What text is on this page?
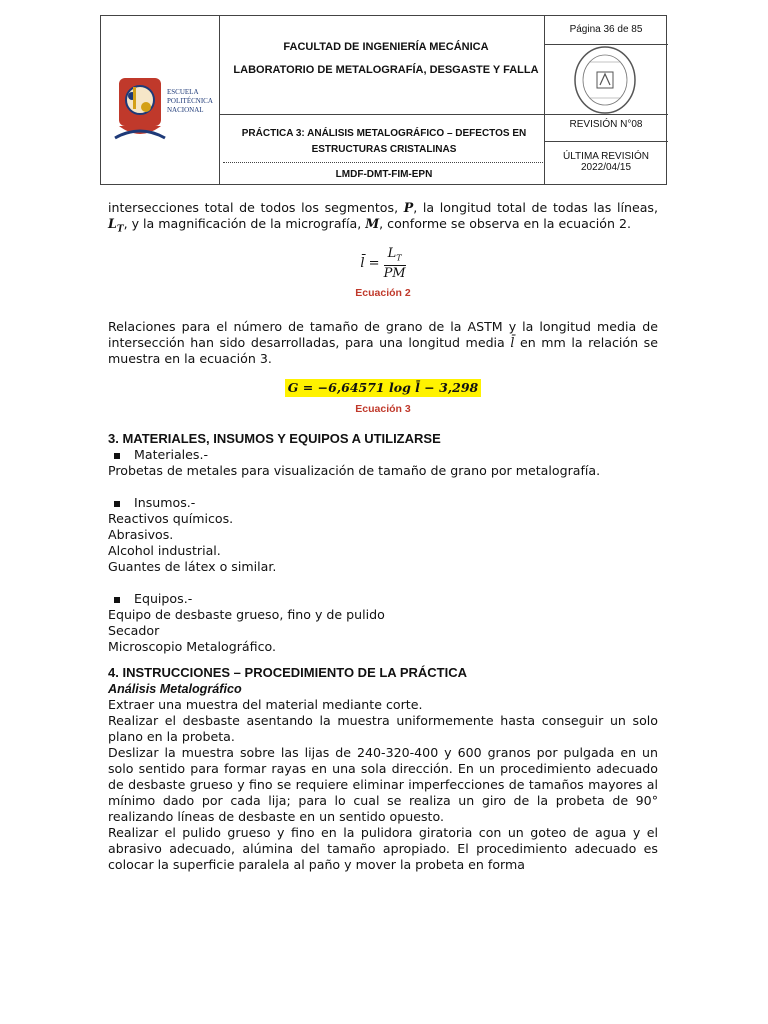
ESCUELA
POLITÉCNICA
NACIONAL
FACULTAD DE INGENIERÍA MECÁNICA
LABORATORIO DE METALOGRAFÍA, DESGASTE Y FALLA
PRÁCTICA 3: ANÁLISIS METALOGRÁFICO – DEFECTOS EN ESTRUCTURAS CRISTALINAS
LMDF-DMT-FIM-EPN
Página 36 de 85
REVISIÓN N°08
ÚLTIMA REVISIÓN
2022/04/15

intersecciones total de todos los segmentos, P, la longitud total de todas las líneas, $L_T$, y la magnificación de la micrografía, M, conforme se observa en la ecuación 2.

l̄ = $\frac{L_T}{PM}$
Ecuación 2

Relaciones para el número de tamaño de grano de la ASTM y la longitud media de intersección han sido desarrolladas, para una longitud media l̄ en mm la relación se muestra en la ecuación 3.

G = −6,64571 log l̄ − 3,298
Ecuación 3

3. MATERIALES, INSUMOS Y EQUIPOS A UTILIZARSE

Materiales.-

Probetas de metales para visualización de tamaño de grano por metalografía.

Insumos.-

Reactivos químicos.

Abrasivos.

Alcohol industrial.

Guantes de látex o similar.

Equipos.-

Equipo de desbaste grueso, fino y de pulido

Secador

Microscopio Metalográfico.

4. INSTRUCCIONES – PROCEDIMIENTO DE LA PRÁCTICA

Análisis Metalográfico

Extraer una muestra del material mediante corte.

Realizar el desbaste asentando la muestra uniformemente hasta conseguir un solo plano en la probeta.

Deslizar la muestra sobre las lijas de 240-320-400 y 600 granos por pulgada en un solo sentido para formar rayas en una sola dirección. En un procedimiento adecuado de desbaste grueso y fino se requiere eliminar imperfecciones de tamaños mayores al mínimo dado por cada lija; para lo cual se realiza un giro de la probeta de 90° realizando líneas de desbaste en un sentido opuesto.

Realizar el pulido grueso y fino en la pulidora giratoria con un goteo de agua y el abrasivo adecuado, alúmina del tamaño apropiado. El procedimiento adecuado es colocar la superficie paralela al paño y mover la probeta en forma
